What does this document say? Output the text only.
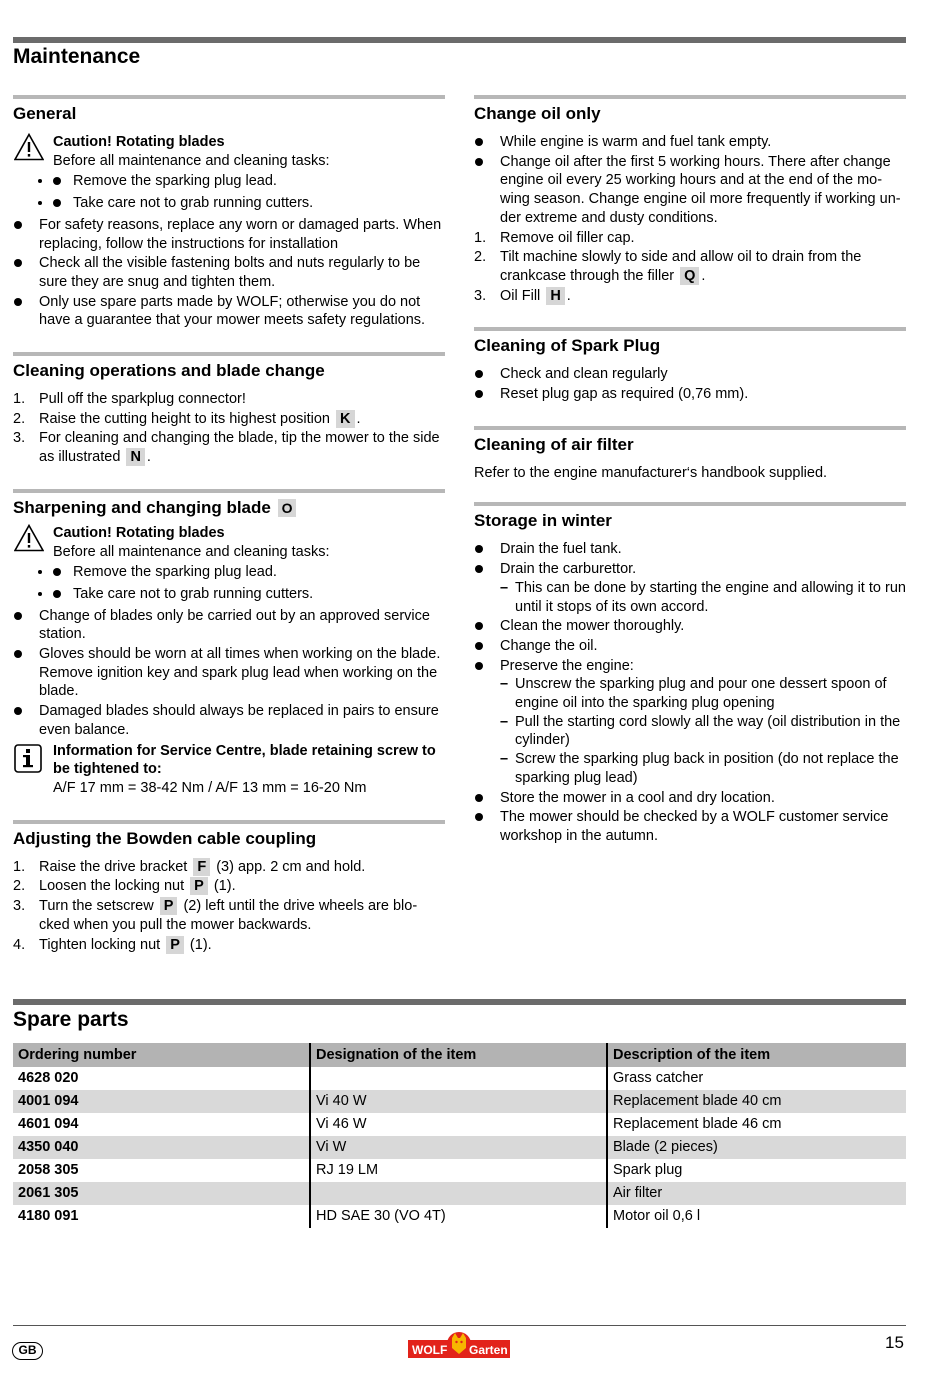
Maintenance
General
Caution! Rotating blades
Before all maintenance and cleaning tasks:
• Remove the sparking plug lead.
• Take care not to grab running cutters.
For safety reasons, replace any worn or damaged parts. When replacing, follow the instructions for installation
Check all the visible fastening bolts and nuts regularly to be sure they are snug and tighten them.
Only use spare parts made by WOLF; otherwise you do not have a guarantee that your mower meets safety regulations.
Cleaning operations and blade change
1. Pull off the sparkplug connector!
2. Raise the cutting height to its highest position K .
3. For cleaning and changing the blade, tip the mower to the side as illustrated N .
Sharpening and changing blade O
Caution! Rotating blades
Before all maintenance and cleaning tasks:
• Remove the sparking plug lead.
• Take care not to grab running cutters.
Change of blades only be carried out by an approved service station.
Gloves should be worn at all times when working on the blade. Remove ignition key and spark plug lead when working on the blade.
Damaged blades should always be replaced in pairs to ensure even balance.
Information for Service Centre, blade retaining screw to be tightened to:
A/F 17 mm = 38-42 Nm / A/F 13 mm = 16-20 Nm
Adjusting the Bowden cable coupling
1. Raise the drive bracket F (3) app. 2 cm and hold.
2. Loosen the locking nut P (1).
3. Turn the setscrew P (2) left until the drive wheels are blo-cked when you pull the mower backwards.
4. Tighten locking nut P (1).
Change oil only
While engine is warm and fuel tank empty.
Change oil after the first 5 working hours. There after change engine oil every 25 working hours and at the end of the mo-wing season. Change engine oil more frequently if working un-der extreme and dusty conditions.
1. Remove oil filler cap.
2. Tilt machine slowly to side and allow oil to drain from the crankcase through the filler Q .
3. Oil Fill H .
Cleaning of Spark Plug
Check and clean regularly
Reset plug gap as required (0,76 mm).
Cleaning of air filter
Refer to the engine manufacturer‘s handbook supplied.
Storage in winter
Drain the fuel tank.
Drain the carburettor.
– This can be done by starting the engine and allowing it to run until it stops of its own accord.
Clean the mower thoroughly.
Change the oil.
Preserve the engine:
– Unscrew the sparking plug and pour one dessert spoon of engine oil into the sparking plug opening
– Pull the starting cord slowly all the way (oil distribution in the cylinder)
– Screw the sparking plug back in position (do not replace the sparking plug lead)
Store the mower in a cool and dry location.
The mower should be checked by a WOLF customer service workshop in the autumn.
Spare parts
Ordering number	Designation of the item	Description of the item
4628 020		Grass catcher
4001 094	Vi 40 W	Replacement blade 40 cm
4601 094	Vi 46 W	Replacement blade 46 cm
4350 040	Vi W	Blade (2 pieces)
2058 305	RJ 19 LM	Spark plug
2061 305		Air filter
4180 091	HD SAE 30 (VO 4T)	Motor oil 0,6 l
GB	WOLF Garten	15
